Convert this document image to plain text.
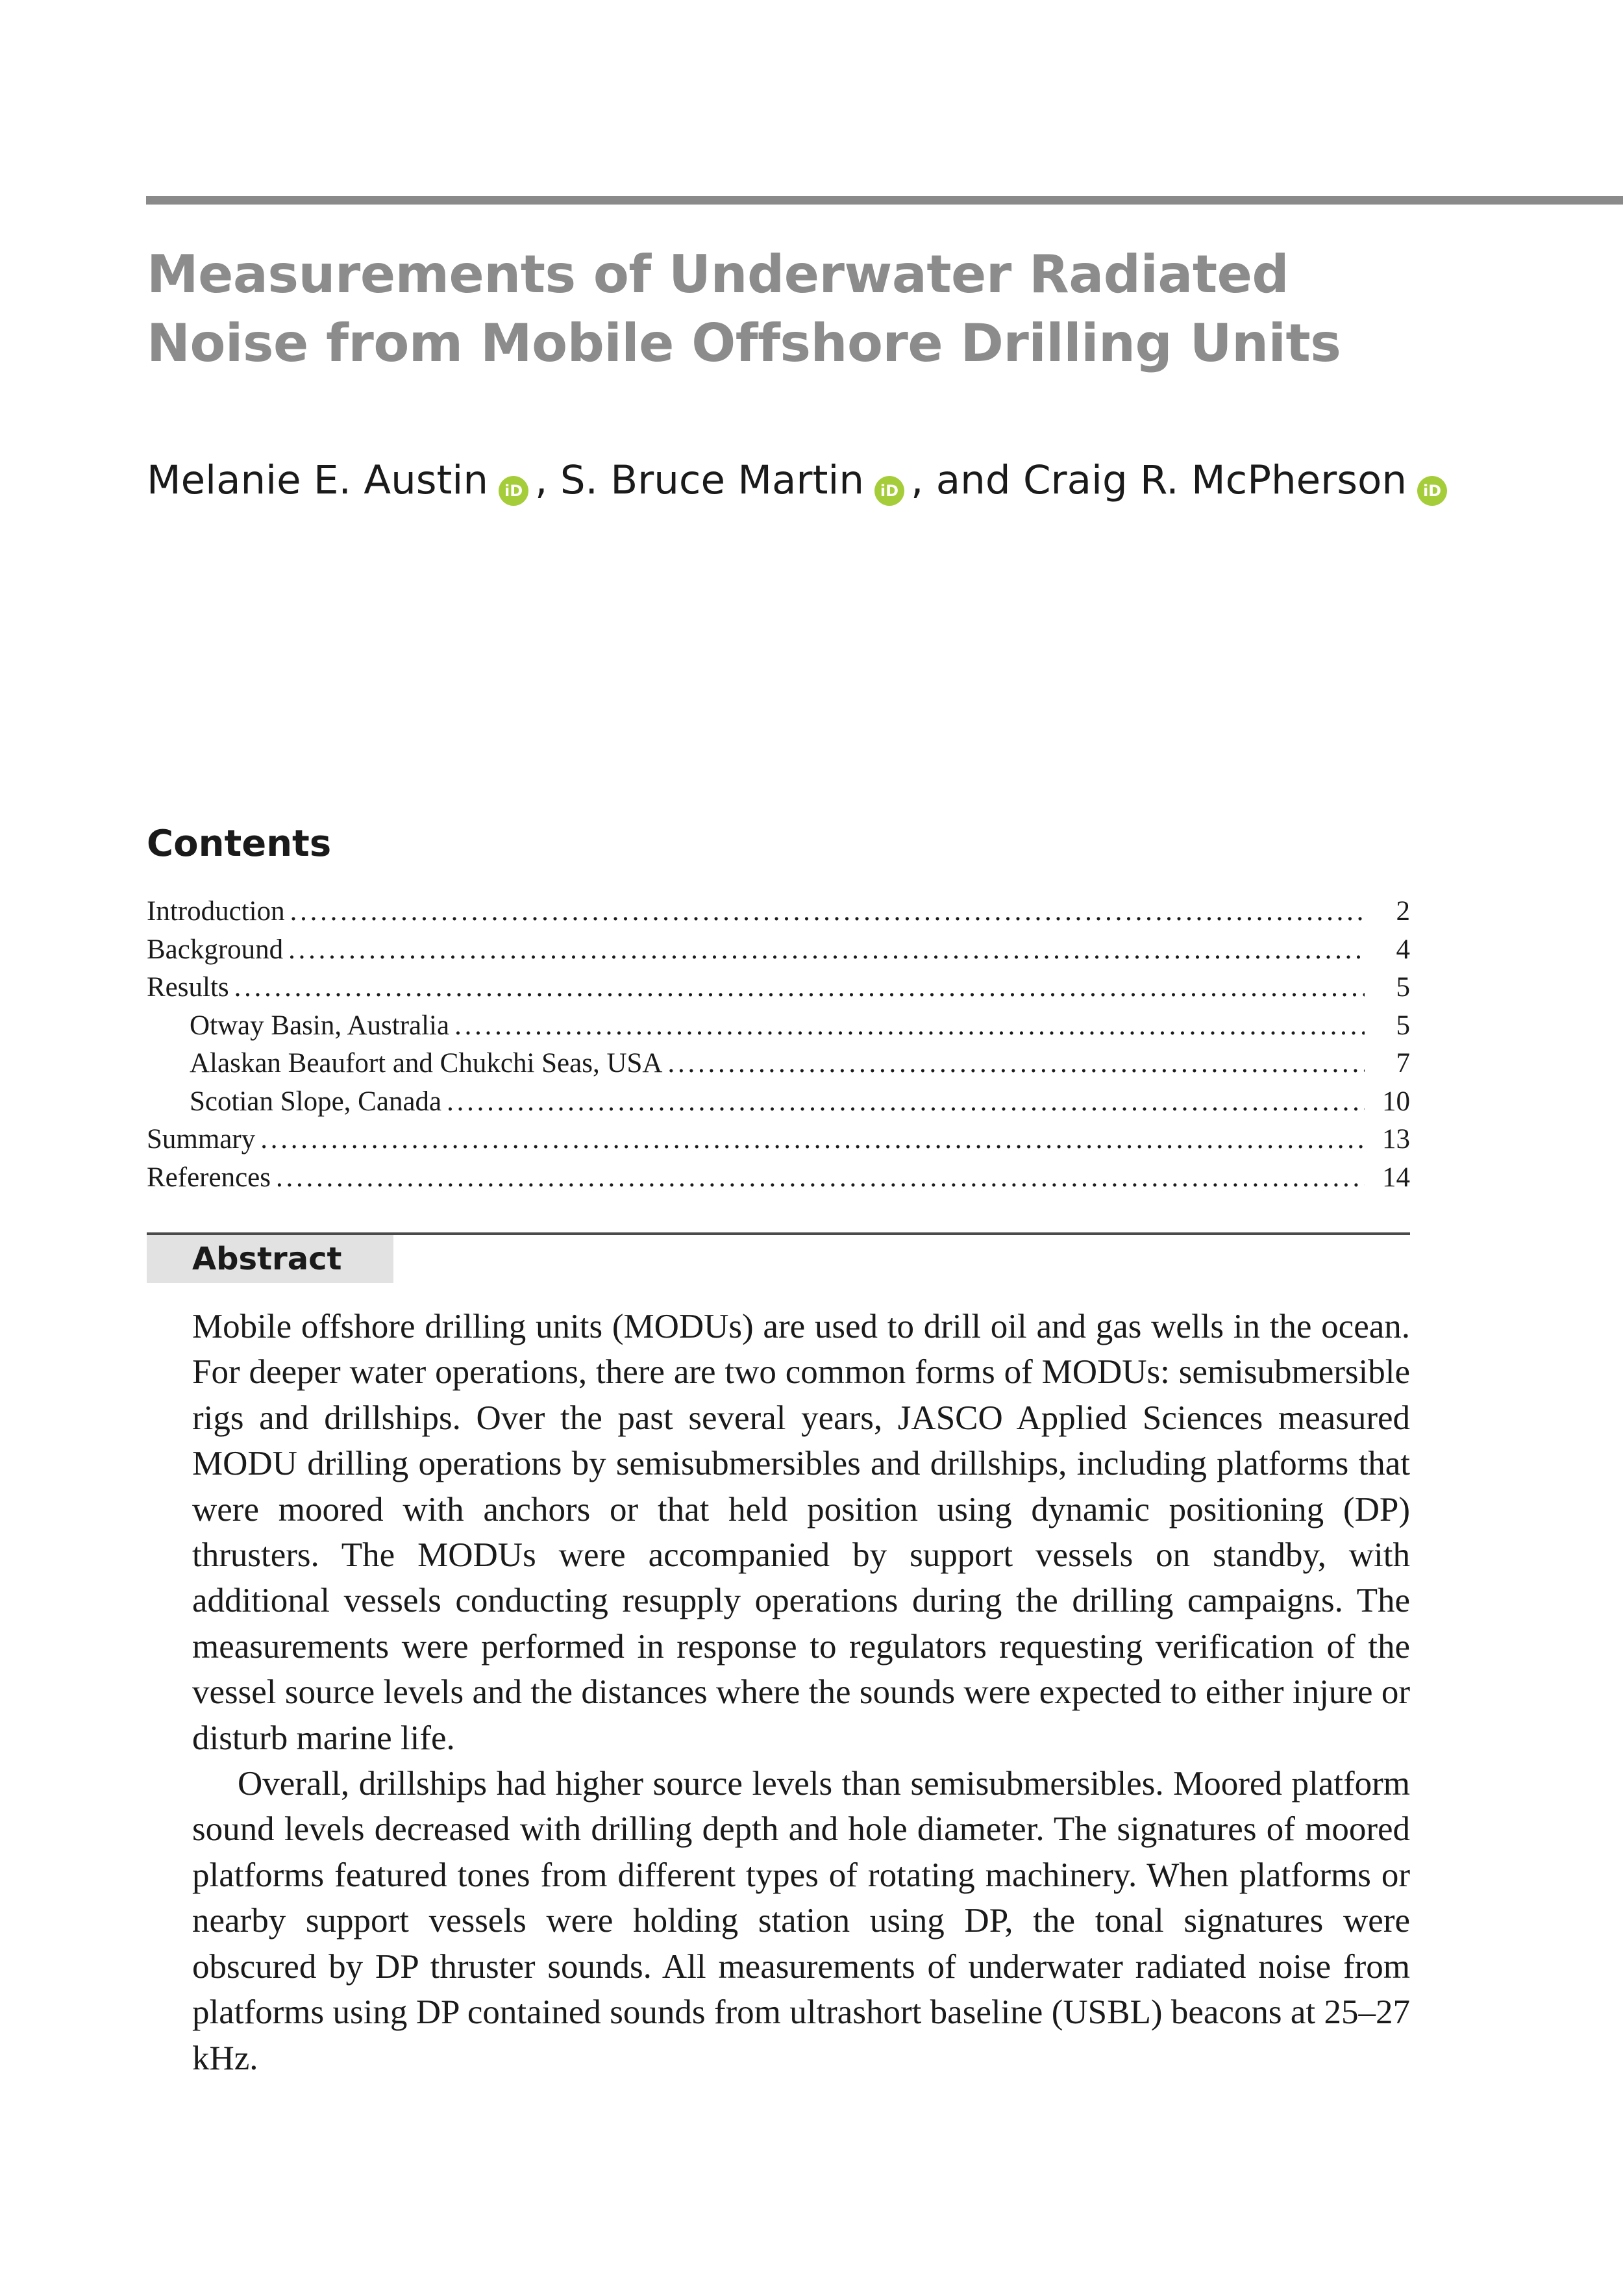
Measurements of Underwater Radiated
Noise from Mobile Offshore Drilling Units
Melanie E. Austin iD , S. Bruce Martin iD , and Craig R. McPherson iD
Contents
Introduction . . .	2
Background . . .	4
Results . . .	5
Otway Basin, Australia . . .	5
Alaskan Beaufort and Chukchi Seas, USA . . .	7
Scotian Slope, Canada . . .	10
Summary . . .	13
References . . .	14
Abstract

Mobile offshore drilling units (MODUs) are used to drill oil and gas wells in the ocean. For deeper water operations, there are two common forms of MODUs: semisubmersible rigs and drillships. Over the past several years, JASCO Applied Sciences measured MODU drilling operations by semisubmersibles and drillships, including platforms that were moored with anchors or that held position using dynamic positioning (DP) thrusters. The MODUs were accompanied by support vessels on standby, with additional vessels conducting resupply operations during the drilling campaigns. The measurements were performed in response to regulators requesting verification of the vessel source levels and the distances where the sounds were expected to either injure or disturb marine life.

Overall, drillships had higher source levels than semisubmersibles. Moored platform sound levels decreased with drilling depth and hole diameter. The signatures of moored platforms featured tones from different types of rotating machinery. When platforms or nearby support vessels were holding station using DP, the tonal signatures were obscured by DP thruster sounds. All measurements of underwater radiated noise from platforms using DP contained sounds from ultrashort baseline (USBL) beacons at 25–27 kHz.
